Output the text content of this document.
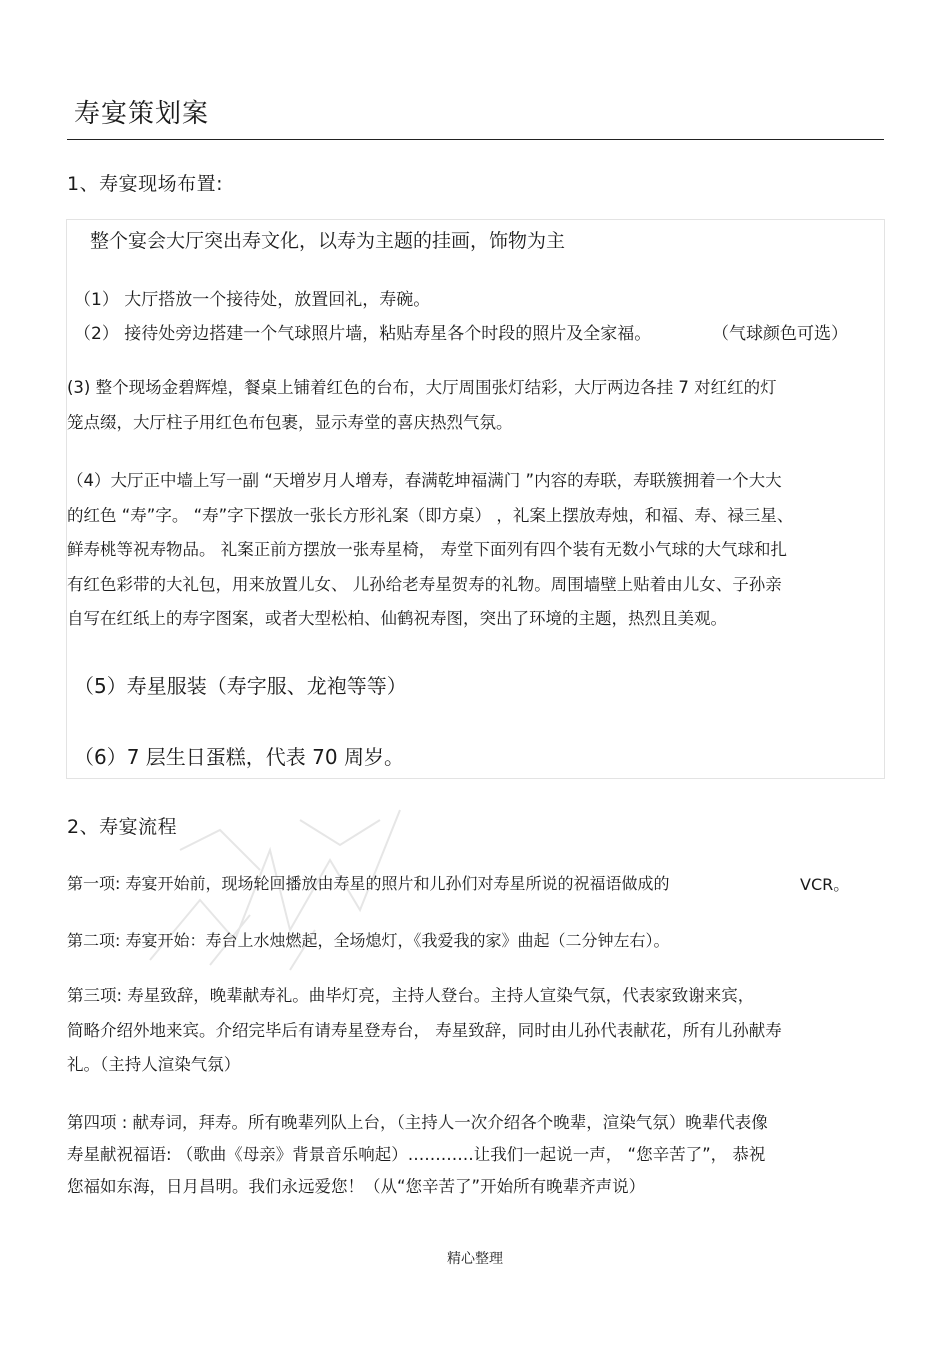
寿宴策划案
1、寿宴现场布置:
整个宴会大厅突出寿文化，以寿为主题的挂画，饰物为主
（1） 大厅搭放一个接待处，放置回礼，寿碗。
（2） 接待处旁边搭建一个气球照片墙，粘贴寿星各个时段的照片及全家福。	（气球颜色可选）
(3) 整个现场金碧辉煌，餐桌上铺着红色的台布，大厅周围张灯结彩，大厅两边各挂 7 对红红的灯
笼点缀，大厅柱子用红色布包裹，显示寿堂的喜庆热烈气氛。
（4）大厅正中墙上写一副 “天增岁月人增寿，春满乾坤福满门 ”内容的寿联，寿联簇拥着一个大大
的红色 “寿”字。 “寿”字下摆放一张长方形礼案（即方桌） ，礼案上摆放寿烛，和福、寿、禄三星、
鲜寿桃等祝寿物品。 礼案正前方摆放一张寿星椅， 寿堂下面列有四个装有无数小气球的大气球和扎
有红色彩带的大礼包，用来放置儿女、 儿孙给老寿星贺寿的礼物。周围墙壁上贴着由儿女、子孙亲
自写在红纸上的寿字图案，或者大型松柏、仙鹤祝寿图，突出了环境的主题，热烈且美观。
（5）寿星服装（寿字服、龙袍等等）
（6）7 层生日蛋糕，代表 70 周岁。
2、寿宴流程
第一项: 寿宴开始前，现场轮回播放由寿星的照片和儿孙们对寿星所说的祝福语做成的	VCR。
第二项: 寿宴开始：寿台上水烛燃起，全场熄灯，《我爱我的家》曲起（二分钟左右）。
第三项: 寿星致辞，晚辈献寿礼。曲毕灯亮，主持人登台。主持人宣染气氛，代表家致谢来宾，
简略介绍外地来宾。介绍完毕后有请寿星登寿台， 寿星致辞，同时由儿孙代表献花，所有儿孙献寿
礼。（主持人渲染气氛）
第四项 : 献寿词，拜寿。所有晚辈列队上台，（主持人一次介绍各个晚辈，渲染气氛）晚辈代表像
寿星献祝福语: （歌曲《母亲》背景音乐响起）…………让我们一起说一声， “您辛苦了”， 恭祝
您福如东海，日月昌明。我们永远爱您！（从“您辛苦了”开始所有晚辈齐声说）
精心整理
